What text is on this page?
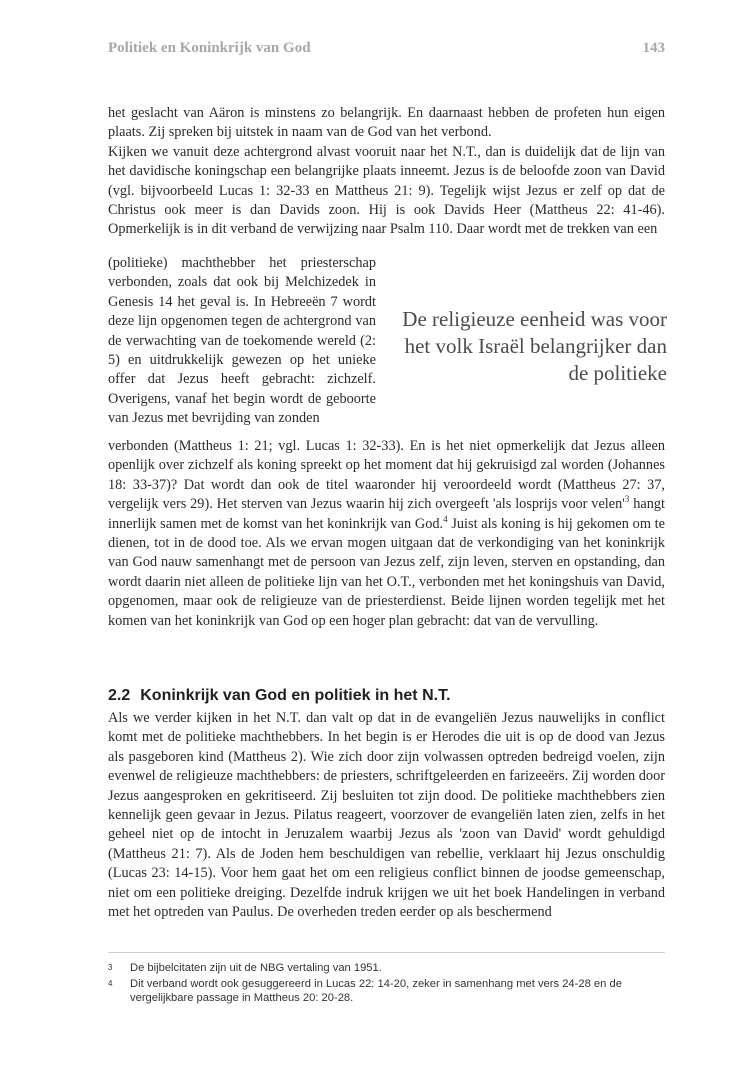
Politiek en Koninkrijk van God	143

het geslacht van Aäron is minstens zo belangrijk. En daarnaast hebben de profeten hun eigen plaats. Zij spreken bij uitstek in naam van de God van het verbond.

Kijken we vanuit deze achtergrond alvast vooruit naar het N.T., dan is duidelijk dat de lijn van het davidische koningschap een belangrijke plaats inneemt. Jezus is de beloofde zoon van David (vgl. bijvoorbeeld Lucas 1: 32-33 en Mattheus 21: 9). Tegelijk wijst Jezus er zelf op dat de Christus ook meer is dan Davids zoon. Hij is ook Davids Heer (Mattheus 22: 41-46). Opmerkelijk is in dit verband de verwijzing naar Psalm 110. Daar wordt met de trekken van een

(politieke) machthebber het priesterschap verbonden, zoals dat ook bij Melchizedek in Genesis 14 het geval is. In Hebreeën 7 wordt deze lijn opgenomen tegen de achtergrond van de verwachting van de toekomende wereld (2: 5) en uitdrukkelijk gewezen op het unieke offer dat Jezus heeft gebracht: zichzelf. Overigens, vanaf het begin wordt de geboorte van Jezus met bevrijding van zonden

De religieuze eenheid was voor het volk Israël belangrijker dan de politieke

verbonden (Mattheus 1: 21; vgl. Lucas 1: 32-33). En is het niet opmerkelijk dat Jezus alleen openlijk over zichzelf als koning spreekt op het moment dat hij gekruisigd zal worden (Johannes 18: 33-37)? Dat wordt dan ook de titel waaronder hij veroordeeld wordt (Mattheus 27: 37, vergelijk vers 29). Het sterven van Jezus waarin hij zich overgeeft 'als losprijs voor $velen'^3$ hangt innerlijk samen met de komst van het koninkrijk van God.$^4$ Juist als koning is hij gekomen om te dienen, tot in de dood toe. Als we ervan mogen uitgaan dat de verkondiging van het koninkrijk van God nauw samenhangt met de persoon van Jezus zelf, zijn leven, sterven en opstanding, dan wordt daarin niet alleen de politieke lijn van het O.T., verbonden met het koningshuis van David, opgenomen, maar ook de religieuze van de priesterdienst. Beide lijnen worden tegelijk met het komen van het koninkrijk van God op een hoger plan gebracht: dat van de vervulling.

2.2 Koninkrijk van God en politiek in het N.T.

Als we verder kijken in het N.T. dan valt op dat in de evangeliën Jezus nauwelijks in conflict komt met de politieke machthebbers. In het begin is er Herodes die uit is op de dood van Jezus als pasgeboren kind (Mattheus 2). Wie zich door zijn volwassen optreden bedreigd voelen, zijn evenwel de religieuze machthebbers: de priesters, schriftgeleerden en farizeeërs. Zij worden door Jezus aangesproken en gekritiseerd. Zij besluiten tot zijn dood. De politieke machthebbers zien kennelijk geen gevaar in Jezus. Pilatus reageert, voorzover de evangeliën laten zien, zelfs in het geheel niet op de intocht in Jeruzalem waarbij Jezus als 'zoon van David' wordt gehuldigd (Mattheus 21: 7). Als de Joden hem beschuldigen van rebellie, verklaart hij Jezus onschuldig (Lucas 23: 14-15). Voor hem gaat het om een religieus conflict binnen de joodse gemeenschap, niet om een politieke dreiging. Dezelfde indruk krijgen we uit het boek Handelingen in verband met het optreden van Paulus. De overheden treden eerder op als beschermend

3 De bijbelcitaten zijn uit de NBG vertaling van 1951.
4 Dit verband wordt ook gesuggereerd in Lucas 22: 14-20, zeker in samenhang met vers 24-28 en de vergelijkbare passage in Mattheus 20: 20-28.
